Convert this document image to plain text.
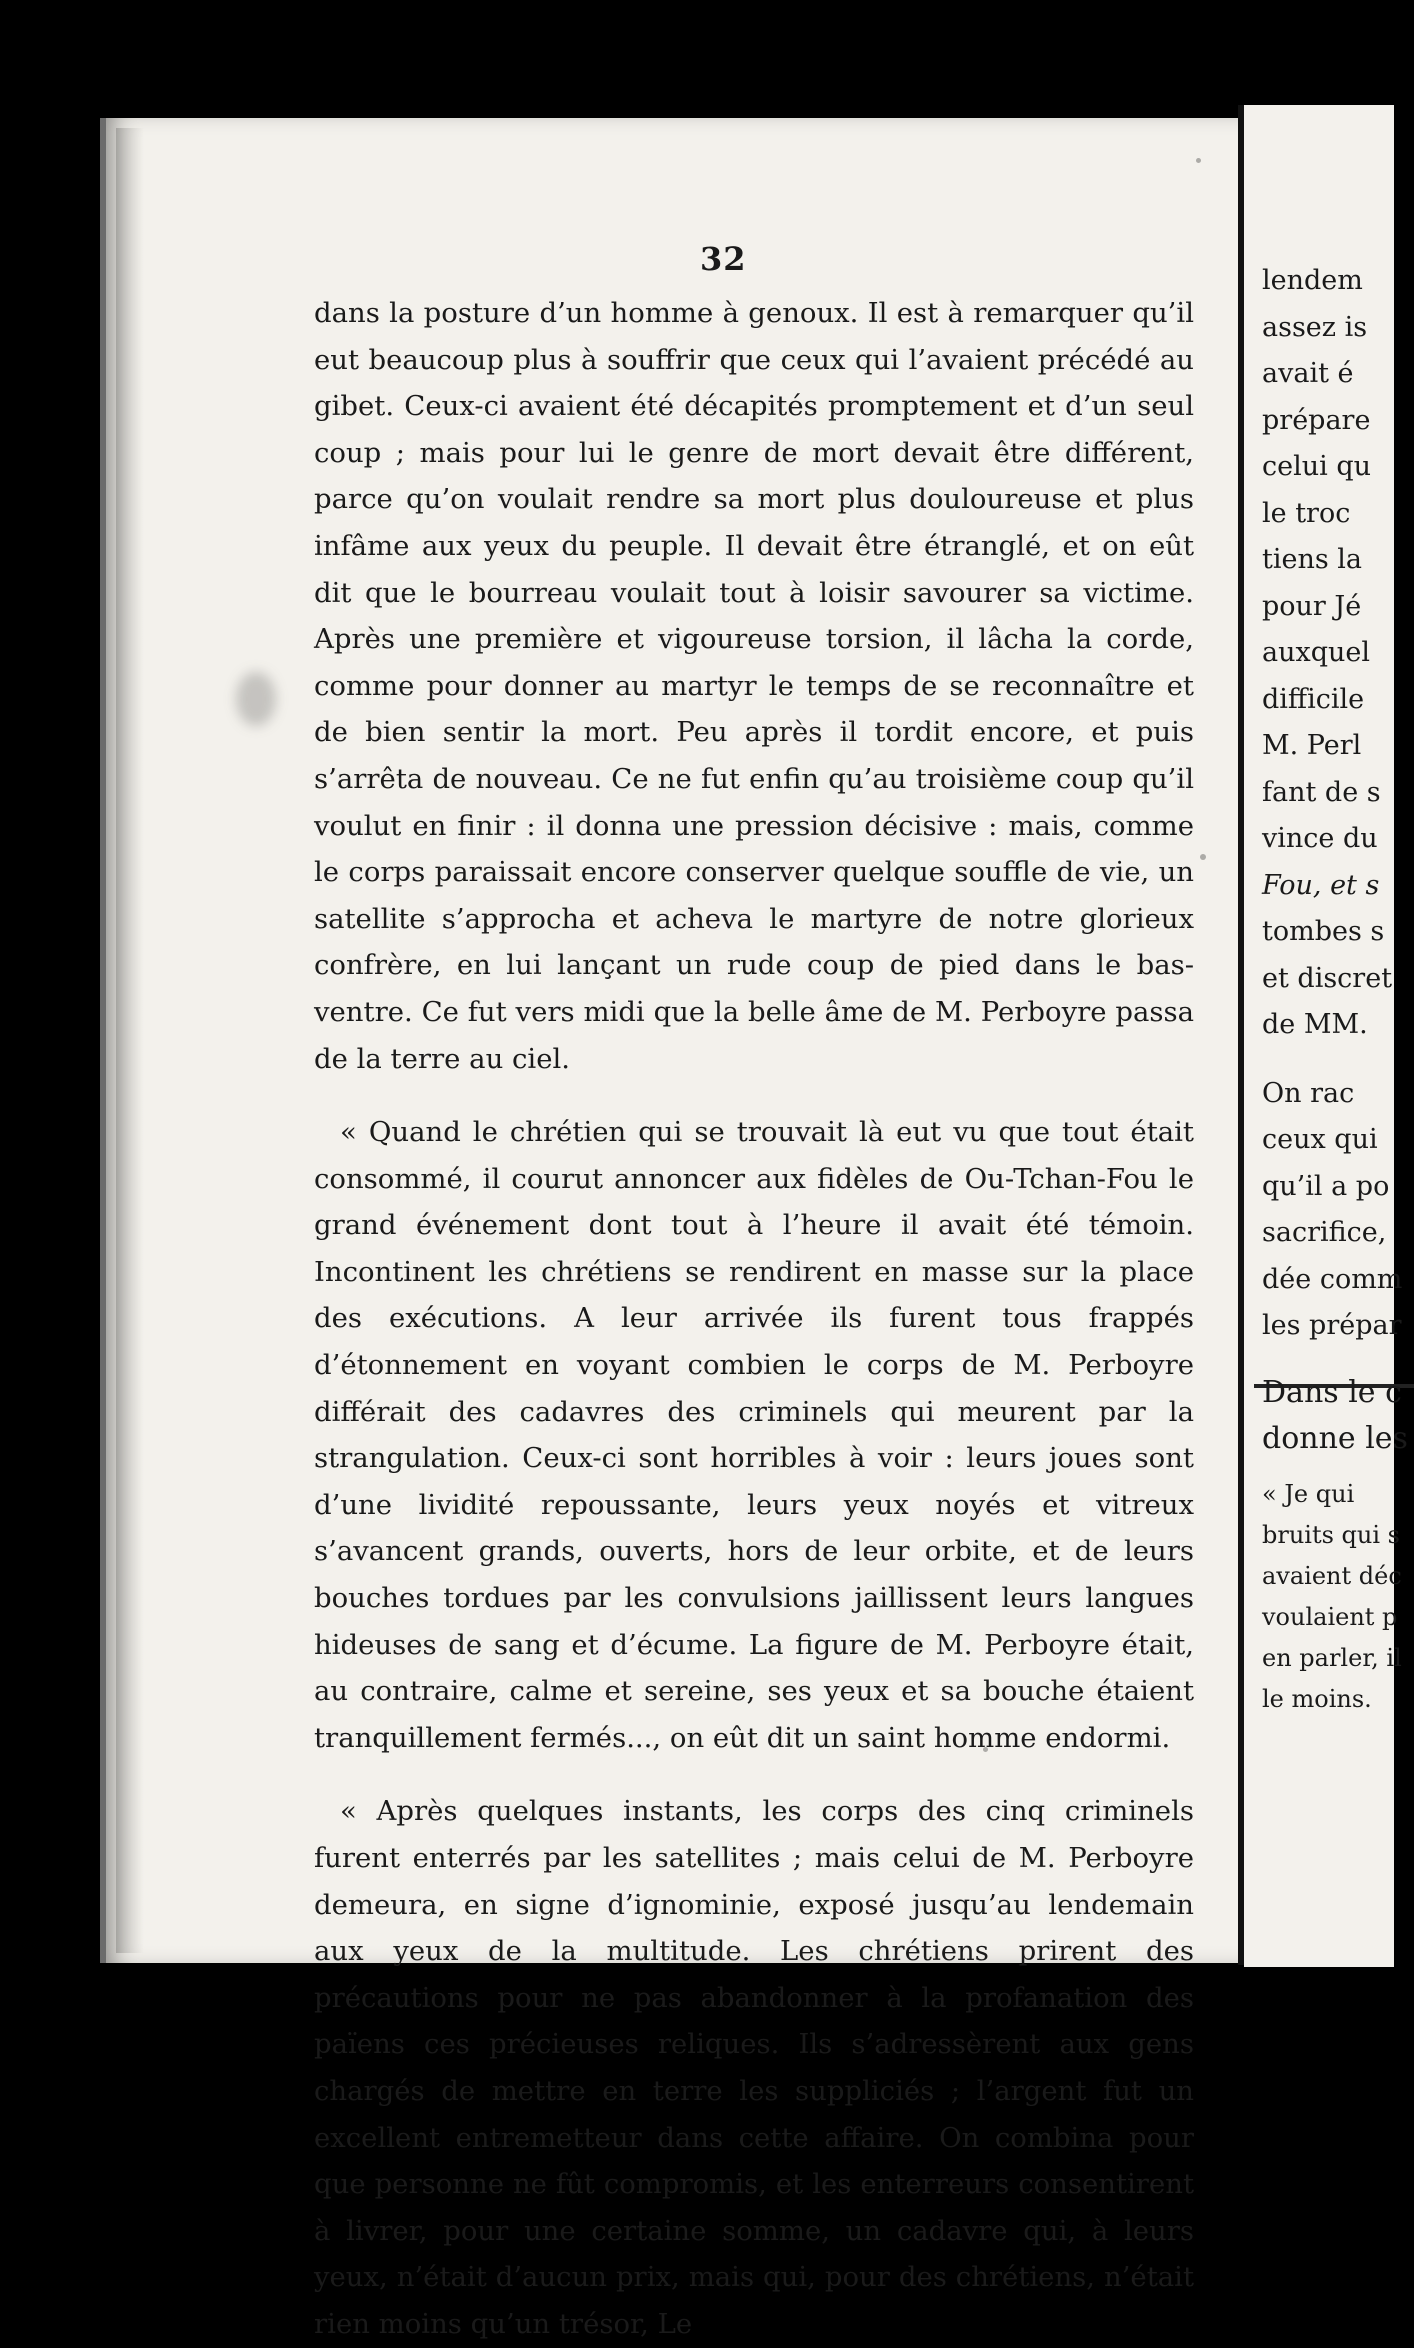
32

dans la posture d’un homme à genoux. Il est à remarquer qu’il eut beaucoup plus à souffrir que ceux qui l’avaient précédé au gibet. Ceux-ci avaient été décapités promptement et d’un seul coup ; mais pour lui le genre de mort devait être différent, parce qu’on voulait rendre sa mort plus douloureuse et plus infâme aux yeux du peuple. Il devait être étranglé, et on eût dit que le bourreau voulait tout à loisir savourer sa victime. Après une première et vigoureuse torsion, il lâcha la corde, comme pour donner au martyr le temps de se reconnaître et de bien sentir la mort. Peu après il tordit encore, et puis s’arrêta de nouveau. Ce ne fut enfin qu’au troisième coup qu’il voulut en finir : il donna une pression décisive : mais, comme le corps paraissait encore conserver quelque souffle de vie, un satellite s’approcha et acheva le martyre de notre glorieux confrère, en lui lançant un rude coup de pied dans le bas-ventre. Ce fut vers midi que la belle âme de M. Perboyre passa de la terre au ciel.

« Quand le chrétien qui se trouvait là eut vu que tout était consommé, il courut annoncer aux fidèles de Ou-Tchan-Fou le grand événement dont tout à l’heure il avait été témoin. Incontinent les chrétiens se rendirent en masse sur la place des exécutions. A leur arrivée ils furent tous frappés d’étonnement en voyant combien le corps de M. Perboyre différait des cadavres des criminels qui meurent par la strangulation. Ceux-ci sont horribles à voir : leurs joues sont d’une lividité repoussante, leurs yeux noyés et vitreux s’avancent grands, ouverts, hors de leur orbite, et de leurs bouches tordues par les convulsions jaillissent leurs langues hideuses de sang et d’écume. La figure de M. Perboyre était, au contraire, calme et sereine, ses yeux et sa bouche étaient tranquillement fermés..., on eût dit un saint homme endormi.

« Après quelques instants, les corps des cinq criminels furent enterrés par les satellites ; mais celui de M. Perboyre demeura, en signe d’ignominie, exposé jusqu’au lendemain aux yeux de la multitude. Les chrétiens prirent des précautions pour ne pas abandonner à la profanation des païens ces précieuses reliques. Ils s’adressèrent aux gens chargés de mettre en terre les suppliciés ; l’argent fut un excellent entremetteur dans cette affaire. On combina pour que personne ne fût compromis, et les enterreurs consentirent à livrer, pour une certaine somme, un cadavre qui, à leurs yeux, n’était d’aucun prix, mais qui, pour des chrétiens, n’était rien moins qu’un trésor, Le

lendem
assez is
avait é
prépare
celui qu
le troc
tiens la
pour Jé
auxquel
difficile
M. Perl
fant de s
vince du
Fou, et s
tombes s
et discret
de MM.
On rac
ceux qui
qu’il a po
sacrifice,
dée comm
les prépar
Dans le c
donne les
« Je qui
bruits qui s
avaient déc
voulaient p
en parler, il
le moins.
